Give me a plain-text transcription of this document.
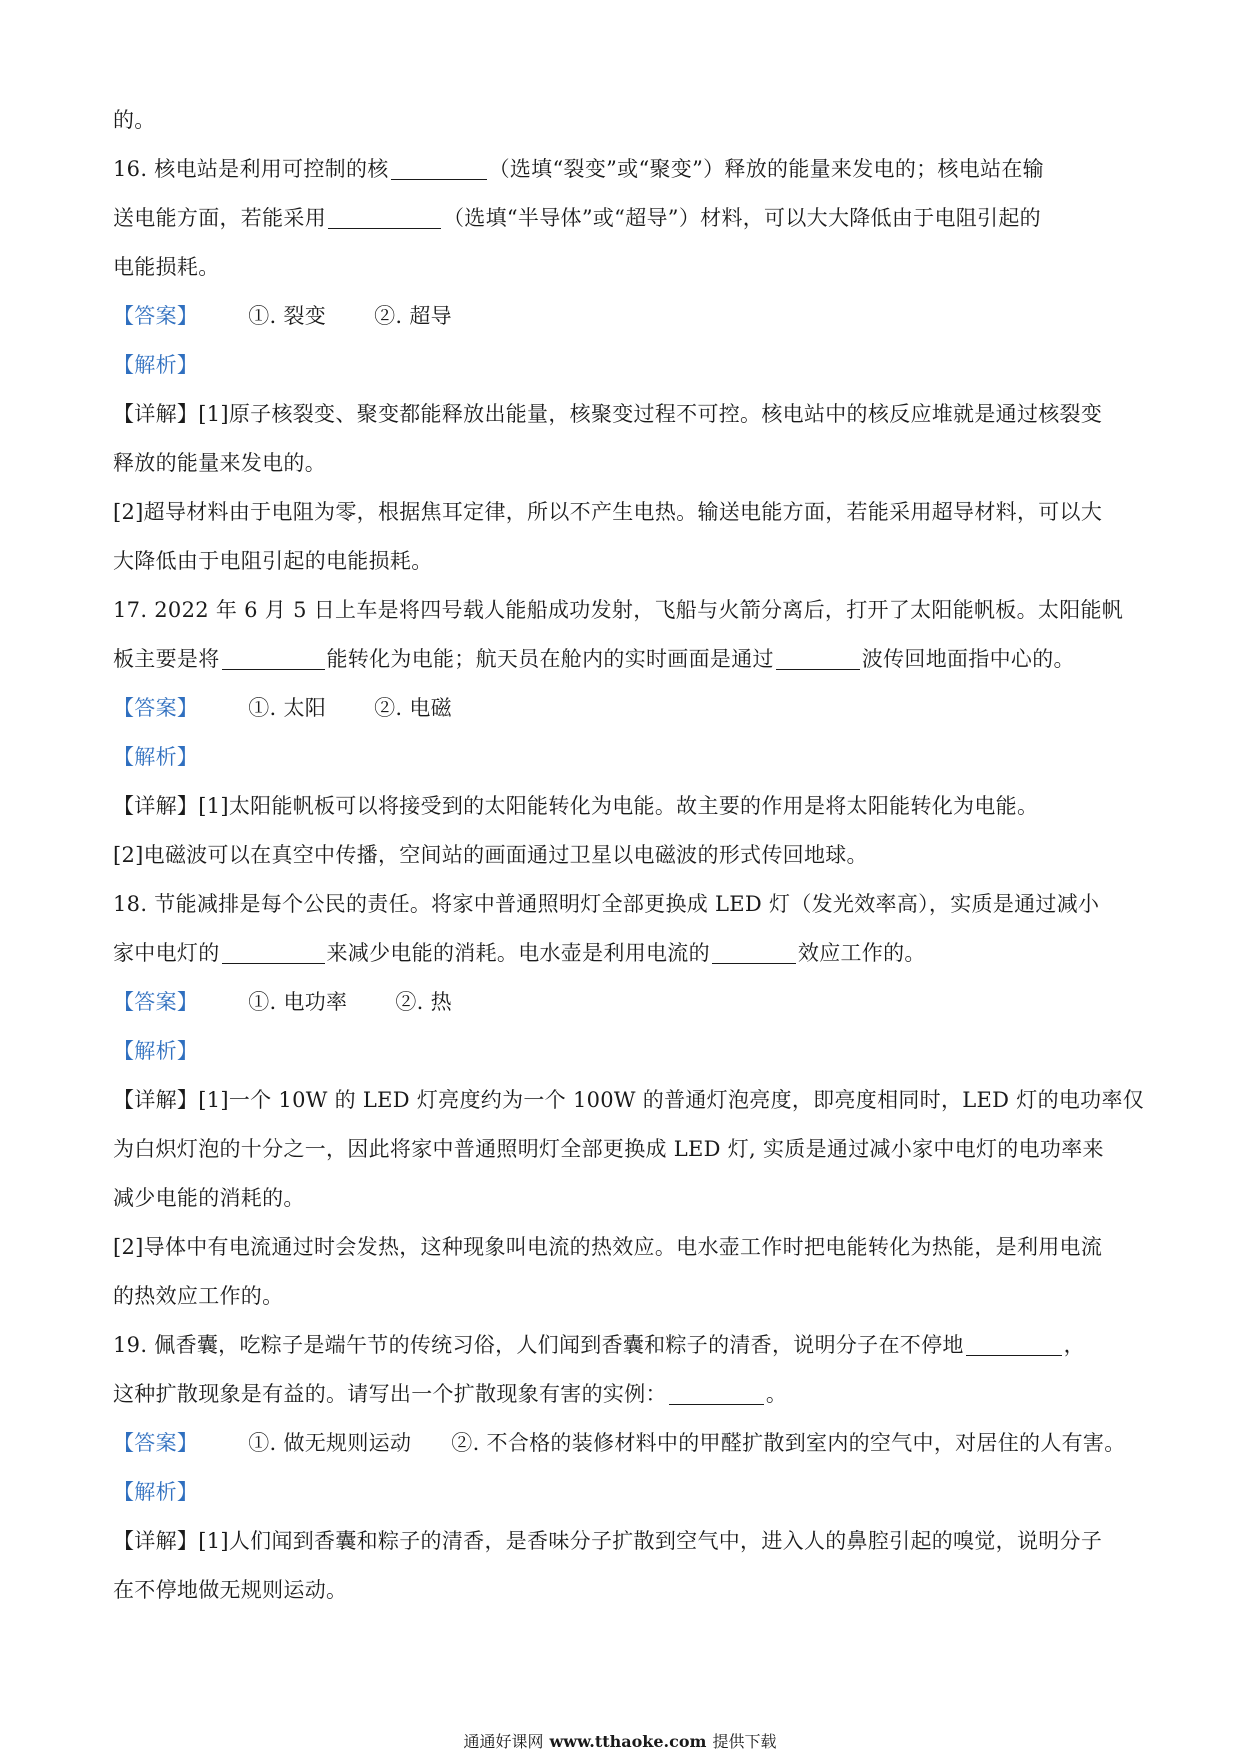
的。
16. 核电站是利用可控制的核	（选填“裂变”或“聚变”）释放的能量来发电的；核电站在输
送电能方面，若能采用	（选填“半导体”或“超导”）材料，可以大大降低由于电阻引起的
电能损耗。
【答案】 ①. 裂变 ②. 超导
【解析】
【详解】[1]原子核裂变、聚变都能释放出能量，核聚变过程不可控。核电站中的核反应堆就是通过核裂变
释放的能量来发电的。
[2]超导材料由于电阻为零，根据焦耳定律，所以不产生电热。输送电能方面，若能采用超导材料，可以大
大降低由于电阻引起的电能损耗。
17. 2022 年 6 月 5 日上车是将四号载人能船成功发射，飞船与火箭分离后，打开了太阳能帆板。太阳能帆
板主要是将	能转化为电能；航天员在舱内的实时画面是通过	波传回地面指中心的。
【答案】 ①. 太阳 ②. 电磁
【解析】
【详解】[1]太阳能帆板可以将接受到的太阳能转化为电能。故主要的作用是将太阳能转化为电能。
[2]电磁波可以在真空中传播，空间站的画面通过卫星以电磁波的形式传回地球。
18. 节能减排是每个公民的责任。将家中普通照明灯全部更换成 LED 灯（发光效率高），实质是通过减小
家中电灯的	来减少电能的消耗。电水壶是利用电流的	效应工作的。
【答案】 ①. 电功率 ②. 热
【解析】
【详解】[1]一个 10W 的 LED 灯亮度约为一个 100W 的普通灯泡亮度，即亮度相同时，LED 灯的电功率仅
为白炽灯泡的十分之一，因此将家中普通照明灯全部更换成 LED 灯, 实质是通过减小家中电灯的电功率来
减少电能的消耗的。
[2]导体中有电流通过时会发热，这种现象叫电流的热效应。电水壶工作时把电能转化为热能，是利用电流
的热效应工作的。
19. 佩香囊，吃粽子是端午节的传统习俗，人们闻到香囊和粽子的清香，说明分子在不停地	，
这种扩散现象是有益的。请写出一个扩散现象有害的实例：	。
【答案】 ①. 做无规则运动 ②. 不合格的装修材料中的甲醛扩散到室内的空气中，对居住的人有害。
【解析】
【详解】[1]人们闻到香囊和粽子的清香，是香味分子扩散到空气中，进入人的鼻腔引起的嗅觉，说明分子
在不停地做无规则运动。
通通好课网 www.tthaoke.com 提供下载
